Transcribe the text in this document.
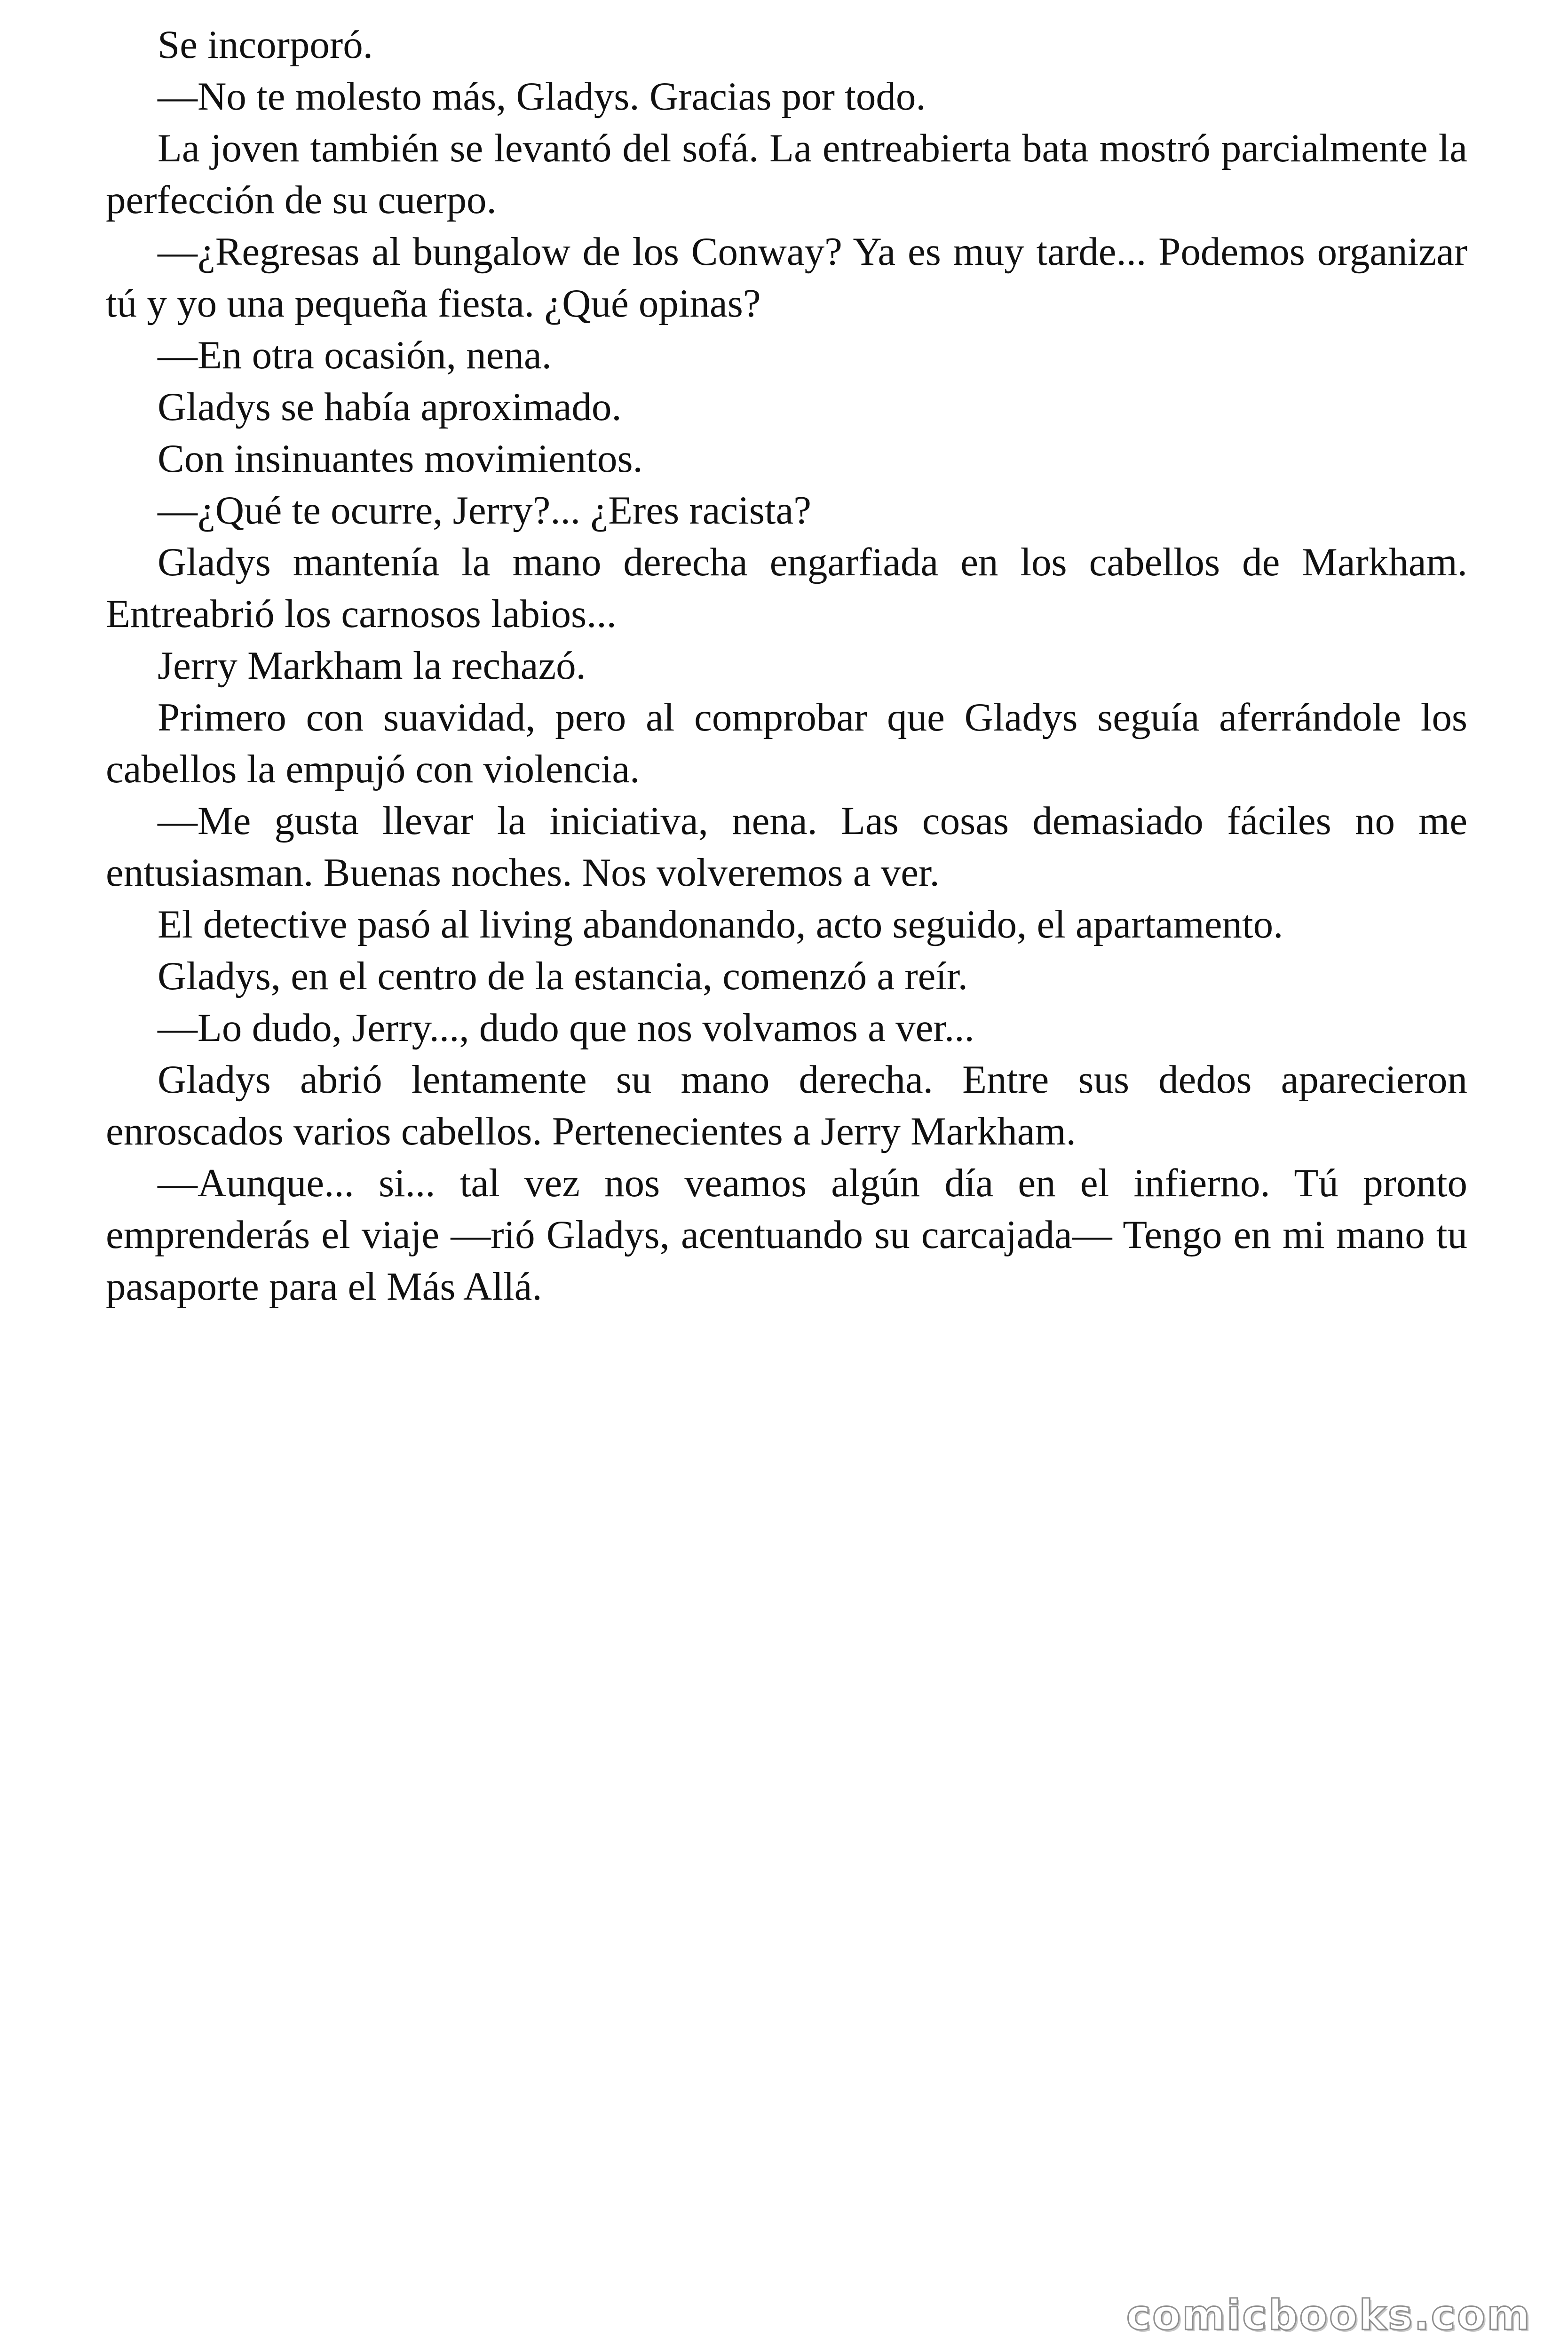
Se incorporó.

—No te molesto más, Gladys. Gracias por todo.

La joven también se levantó del sofá. La entreabierta bata mostró parcialmente la perfección de su cuerpo.

—¿Regresas al bungalow de los Conway? Ya es muy tarde... Podemos organizar tú y yo una pequeña fiesta. ¿Qué opinas?

—En otra ocasión, nena.

Gladys se había aproximado.

Con insinuantes movimientos.

—¿Qué te ocurre, Jerry?... ¿Eres racista?

Gladys mantenía la mano derecha engarfiada en los cabellos de Markham. Entreabrió los carnosos labios...

Jerry Markham la rechazó.

Primero con suavidad, pero al comprobar que Gladys seguía aferrándole los cabellos la empujó con violencia.

—Me gusta llevar la iniciativa, nena. Las cosas demasiado fáciles no me entusiasman. Buenas noches. Nos volveremos a ver.

El detective pasó al living abandonando, acto seguido, el apartamento.

Gladys, en el centro de la estancia, comenzó a reír.

—Lo dudo, Jerry..., dudo que nos volvamos a ver...

Gladys abrió lentamente su mano derecha. Entre sus dedos aparecieron enroscados varios cabellos. Pertenecientes a Jerry Markham.

—Aunque... si... tal vez nos veamos algún día en el infierno. Tú pronto emprenderás el viaje —rió Gladys, acentuando su carcajada— Tengo en mi mano tu pasaporte para el Más Allá.

comicbooks.com
